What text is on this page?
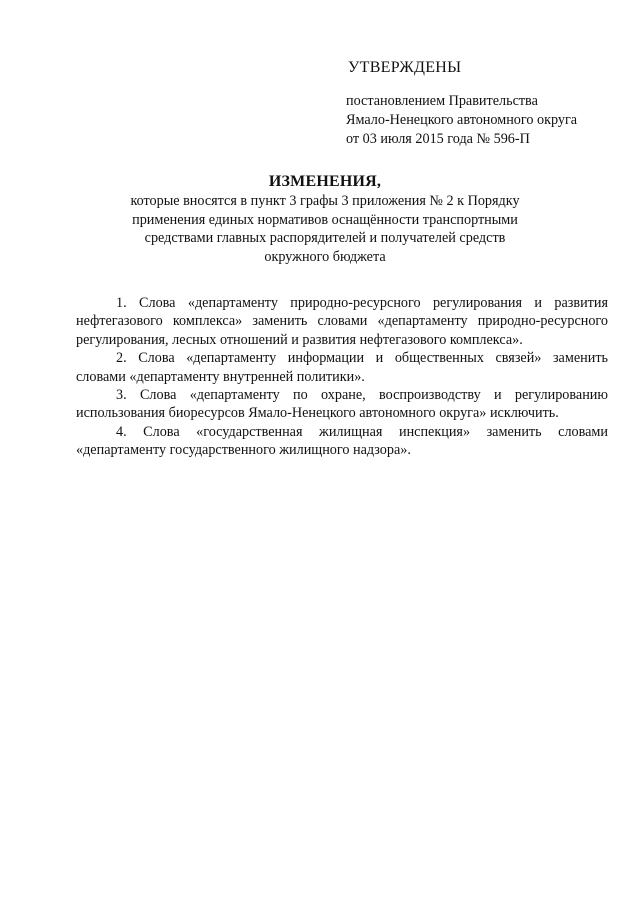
УТВЕРЖДЕНЫ
постановлением Правительства
Ямало-Ненецкого автономного округа
от 03 июля 2015 года № 596-П
ИЗМЕНЕНИЯ,
которые вносятся в пункт 3 графы 3 приложения № 2 к Порядку
применения единых нормативов оснащённости транспортными
средствами главных распорядителей и получателей средств
окружного бюджета
1. Слова «департаменту природно-ресурсного регулирования и развития
нефтегазового комплекса» заменить словами «департаменту природно-ресурсного
регулирования, лесных отношений и развития нефтегазового комплекса».
2. Слова «департаменту информации и общественных связей» заменить
словами «департаменту внутренней политики».
3. Слова «департаменту по охране, воспроизводству и регулированию
использования биоресурсов Ямало-Ненецкого автономного округа» исключить.
4. Слова «государственная жилищная инспекция» заменить словами
«департаменту государственного жилищного надзора».
